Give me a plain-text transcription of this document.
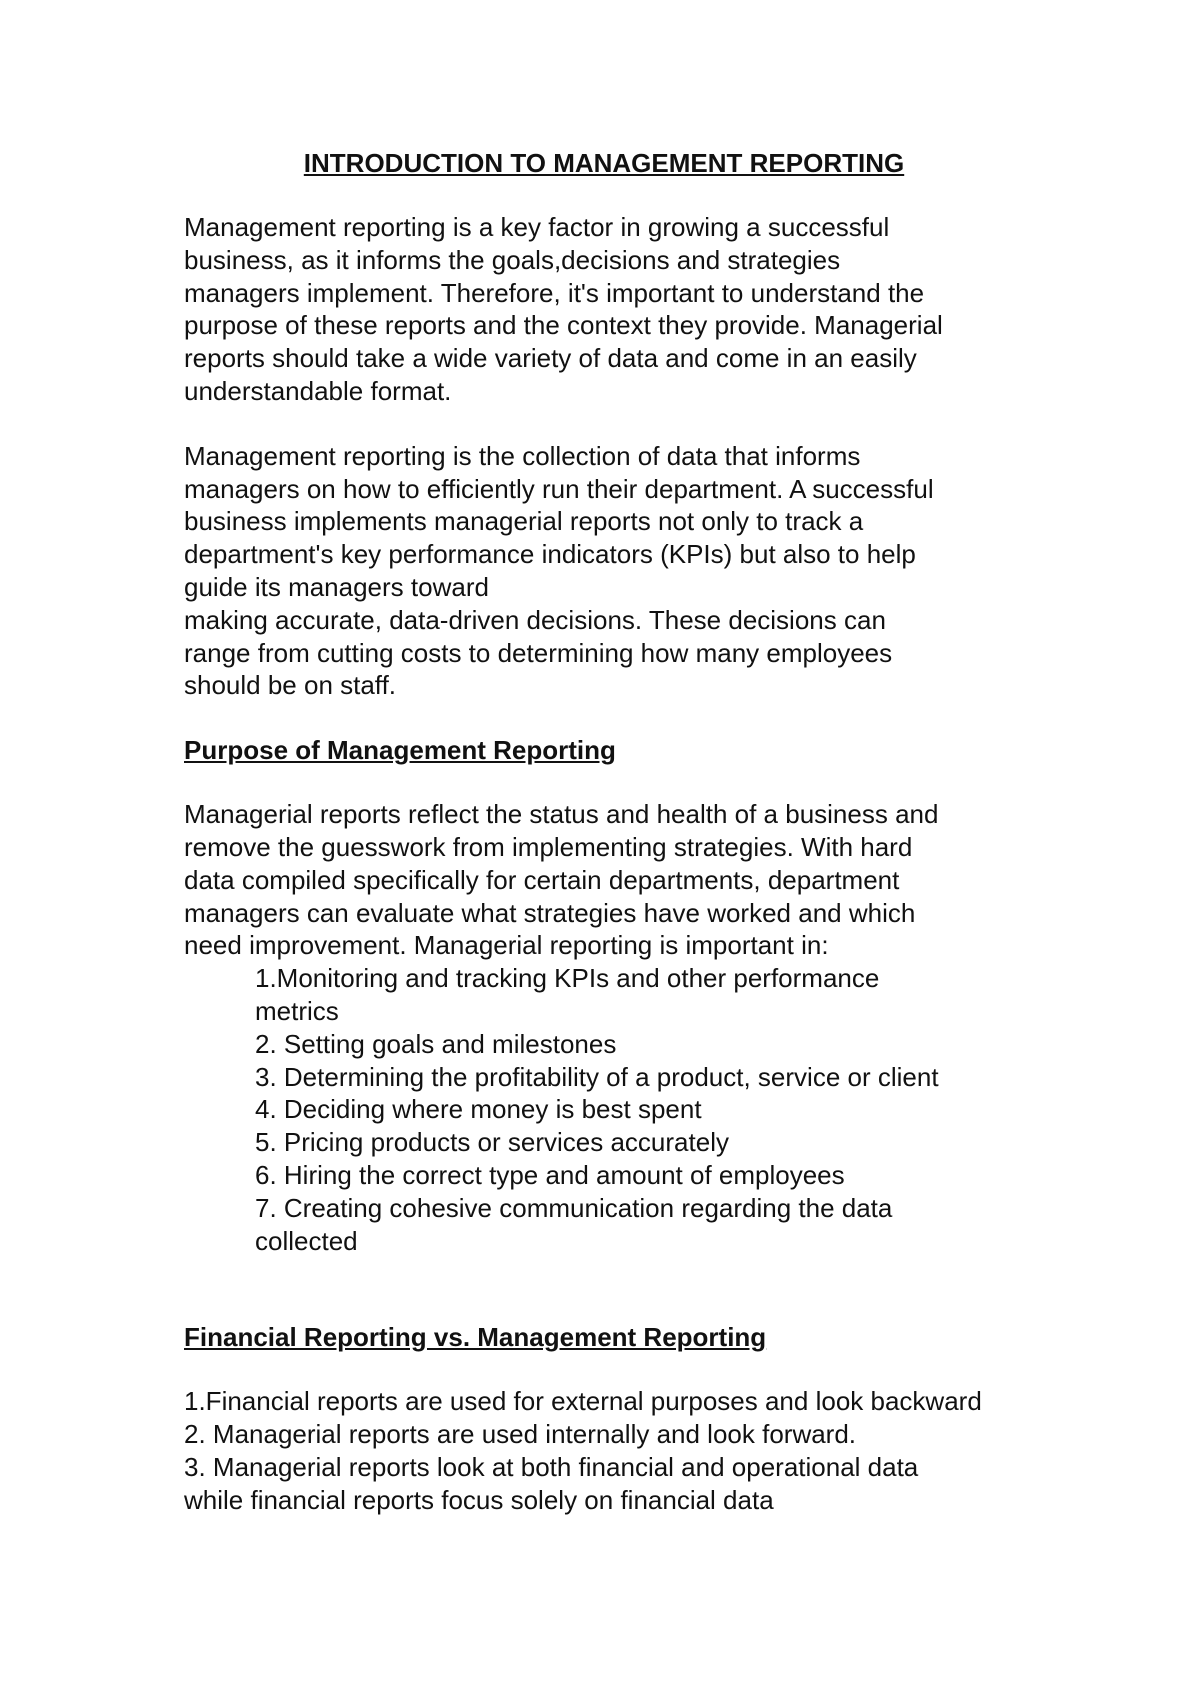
INTRODUCTION TO MANAGEMENT REPORTING

Management reporting is a key factor in growing a successful
business, as it informs the goals,decisions and strategies
managers implement. Therefore, it's important to understand the
purpose of these reports and the context they provide. Managerial
reports should take a wide variety of data and come in an easily
understandable format.

Management reporting is the collection of data that informs
managers on how to efficiently run their department. A successful
business implements managerial reports not only to track a
department's key performance indicators (KPIs) but also to help
guide its managers toward
making accurate, data-driven decisions. These decisions can
range from cutting costs to determining how many employees
should be on staff.

Purpose of Management Reporting

Managerial reports reflect the status and health of a business and
remove the guesswork from implementing strategies. With hard
data compiled specifically for certain departments, department
managers can evaluate what strategies have worked and which
need improvement. Managerial reporting is important in:

1.Monitoring and tracking KPIs and other performance metrics
2. Setting goals and milestones
3. Determining the profitability of a product, service or client
4. Deciding where money is best spent
5. Pricing products or services accurately
6. Hiring the correct type and amount of employees
7. Creating cohesive communication regarding the data collected
Financial Reporting vs. Management Reporting

1.Financial reports are used for external purposes and look backward

2. Managerial reports are used internally and look forward.

3. Managerial reports look at both financial and operational data while financial reports focus solely on financial data
